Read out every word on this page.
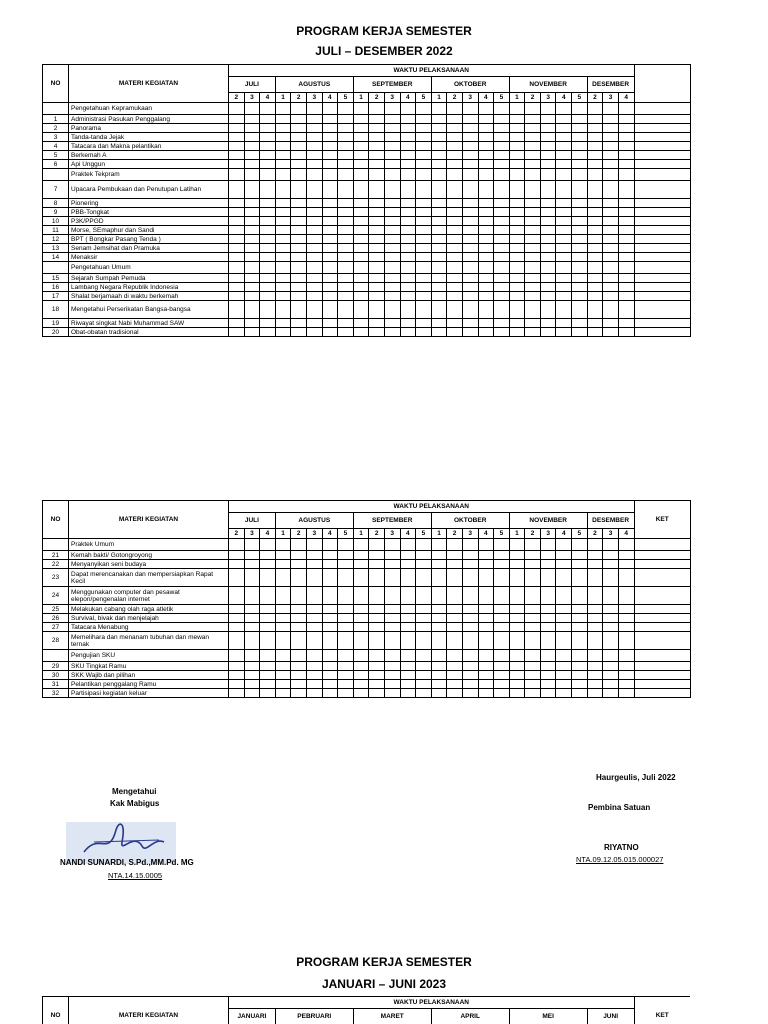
PROGRAM KERJA SEMESTER
JULI – DESEMBER 2022
NO	MATERI KEGIATAN	WAKTU PELAKSANAAN																										
		JULI			AGUSTUS					SEPTEMBER					OKTOBER					NOVEMBER					DESEMBER			
		2	3	4	1	2	3	4	5	1	2	3	4	5	1	2	3	4	5	1	2	3	4	5	2	3	4	
	Pengetahuan Kepramukaan																											
1	Administrasi Pasukan Penggalang																											
2	Panorama																											
3	Tanda-tanda Jejak																											
4	Tatacara dan Makna pelantikan																											
5	Berkemah A																											
6	Api Unggun																											
	Praktek Tekpram																											
7	Upacara Pembukaan dan Penutupan Latihan																											
8	Pionering																											
9	PBB-Tongkat																											
10	P3K/PPGD																											
11	Morse, SEmaphur dan Sandi																											
12	BPT ( Bongkar Pasang Tenda )																											
13	Senam Jemsihat dan Pramuka																											
14	Menaksir																											
	Pengetahuan Umum																											
15	Sejarah Sumpah Pemuda																											
16	Lambang Negara Republik Indonesia																											
17	Shalat berjamaah di waktu berkemah																											
18	Mengetahui Perserikatan Bangsa-bangsa																											
19	Riwayat singkat Nabi Muhammad SAW																											
20	Obat-obatan tradisional																											
NO	MATERI KEGIATAN	WAKTU PELAKSANAAN																										KET
		JULI			AGUSTUS					SEPTEMBER					OKTOBER					NOVEMBER					DESEMBER			
		2	3	4	1	2	3	4	5	1	2	3	4	5	1	2	3	4	5	1	2	3	4	5	2	3	4	
	Praktek Umum																											
21	Kemah bakti/ Gotongroyong																											
22	Menyanyikan seni budaya																											
23	Dapat merencanakan dan mempersiapkan Rapat Kecil																											
24	Menggunakan computer dan pesawat elepon/pengenalan internet																											
25	Melakukan cabang olah raga atletik																											
26	Survival, bivak dan menjelajah																											
27	Tatacara Menabung																											
28	Memelihara dan menanam tubuhan dan mewan ternak																											
	Pengujian SKU																											
29	SKU Tingkat Ramu																											
30	SKK Wajib dan pilihan																											
31	Pelantikan penggalang Ramu																											
32	Partisipasi kegiatan keluar																											
Haurgeulis, Juli 2022
Pembina Satuan
RIYATNO
NTA.09.12.05.015.000027
Mengetahui
Kak Mabigus
NANDI SUNARDI, S.Pd.,MM.Pd. MG
NTA.14.15.0005
PROGRAM KERJA SEMESTER
JANUARI – JUNI 2023
NO	MATERI KEGIATAN	WAKTU PELAKSANAAN																										KET
		JANUARI			PEBRUARI					MARET					APRIL					MEI					JUNI			
